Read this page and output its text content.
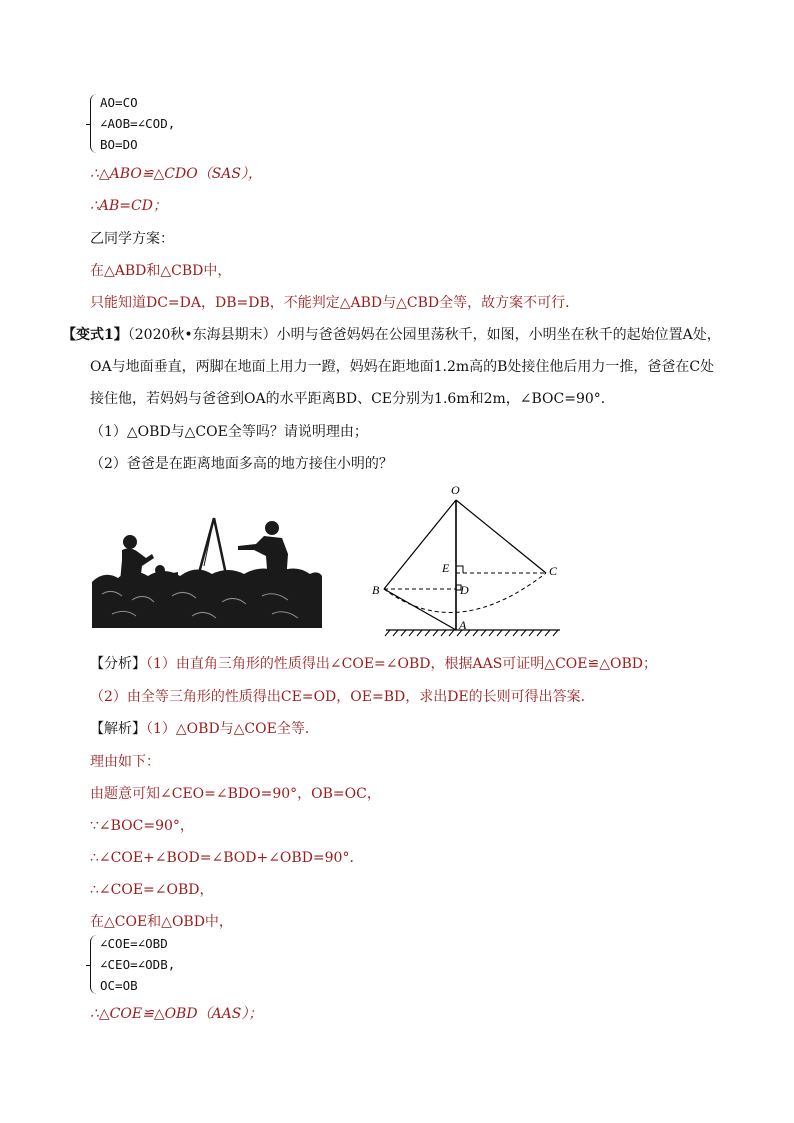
AO=CO
∠AOB=∠COD,
BO=DO
∴△ABO≌△CDO（SAS），
∴AB=CD；
乙同学方案：
在△ABD和△CBD中，
只能知道DC=DA，DB=DB，不能判定△ABD与△CBD全等，故方案不可行．
【变式1】（2020秋•东海县期末）小明与爸爸妈妈在公园里荡秋千，如图，小明坐在秋千的起始位置A处，
OA与地面垂直，两脚在地面上用力一蹬，妈妈在距地面1.2m高的B处接住他后用力一推，爸爸在C处
接住他，若妈妈与爸爸到OA的水平距离BD、CE分别为1.6m和2m，∠BOC=90°．
（1）△OBD与△COE全等吗？请说明理由；
（2）爸爸是在距离地面多高的地方接住小明的？
O
E	C
B	D
A
【分析】（1）由直角三角形的性质得出∠COE=∠OBD，根据AAS可证明△COE≌△OBD；
（2）由全等三角形的性质得出CE=OD，OE=BD，求出DE的长则可得出答案．
【解析】（1）△OBD与△COE全等．
理由如下：
由题意可知∠CEO=∠BDO=90°，OB=OC，
∵∠BOC=90°，
∴∠COE+∠BOD=∠BOD+∠OBD=90°．
∴∠COE=∠OBD，
在△COE和△OBD中，
∠COE=∠OBD
∠CEO=∠ODB,
OC=OB
∴△COE≌△OBD（AAS）；
